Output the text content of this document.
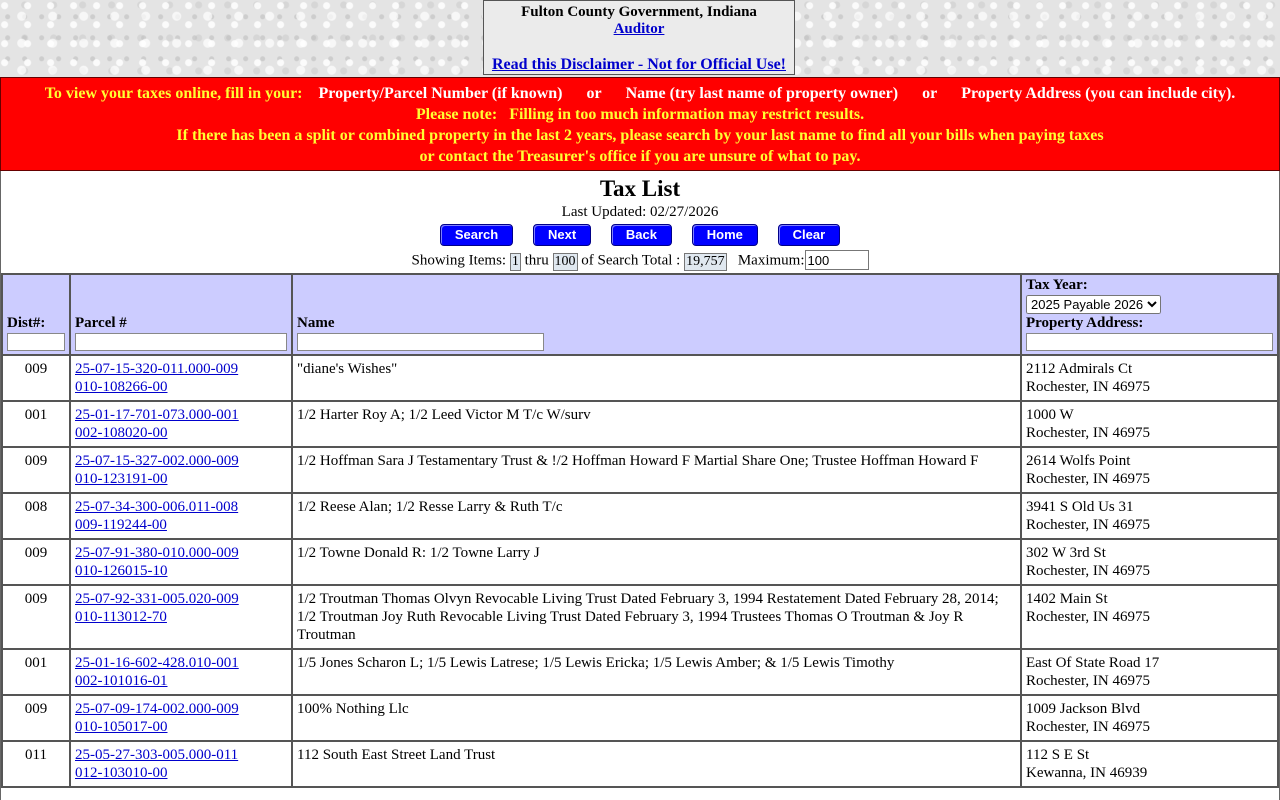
Fulton County Government, Indiana
Auditor
Read this Disclaimer - Not for Official Use!
To view your taxes online, fill in your: Property/Parcel Number (if known) or Name (try last name of property owner) or Property Address (you can include city).
Please note: Filling in too much information may restrict results.
If there has been a split or combined property in the last 2 years, please search by your last name to find all your bills when paying taxes
or contact the Treasurer's office if you are unsure of what to pay.
Tax List
Last Updated: 02/27/2026
Search	Next	Back	Home	Clear
Showing Items: 1 thru 100 of Search Total : 19,757 Maximum:100
Dist#:	Parcel #	Name	Tax Year:
2025 Payable 2026 Property Address:

009	25-07-15-320-011.000-009
010-108266-00	"diane's Wishes"	2112 Admirals Ct
Rochester, IN 46975
001	25-01-17-701-073.000-001
002-108020-00	1/2 Harter Roy A; 1/2 Leed Victor M T/c W/surv	1000 W
Rochester, IN 46975
009	25-07-15-327-002.000-009
010-123191-00	1/2 Hoffman Sara J Testamentary Trust & !/2 Hoffman Howard F Martial Share One; Trustee Hoffman Howard F	2614 Wolfs Point
Rochester, IN 46975
008	25-07-34-300-006.011-008
009-119244-00	1/2 Reese Alan; 1/2 Resse Larry & Ruth T/c	3941 S Old Us 31
Rochester, IN 46975
009	25-07-91-380-010.000-009
010-126015-10	1/2 Towne Donald R: 1/2 Towne Larry J	302 W 3rd St
Rochester, IN 46975
009	25-07-92-331-005.020-009
010-113012-70	1/2 Troutman Thomas Olvyn Revocable Living Trust Dated February 3, 1994 Restatement Dated February 28, 2014; 1/2 Troutman Joy Ruth Revocable Living Trust Dated February 3, 1994 Trustees Thomas O Troutman & Joy R Troutman	1402 Main St
Rochester, IN 46975
001	25-01-16-602-428.010-001
002-101016-01	1/5 Jones Scharon L; 1/5 Lewis Latrese; 1/5 Lewis Ericka; 1/5 Lewis Amber; & 1/5 Lewis Timothy	East Of State Road 17
Rochester, IN 46975
009	25-07-09-174-002.000-009
010-105017-00	100% Nothing Llc	1009 Jackson Blvd
Rochester, IN 46975
011	25-05-27-303-005.000-011
012-103010-00	112 South East Street Land Trust	112 S E St
Kewanna, IN 46939
